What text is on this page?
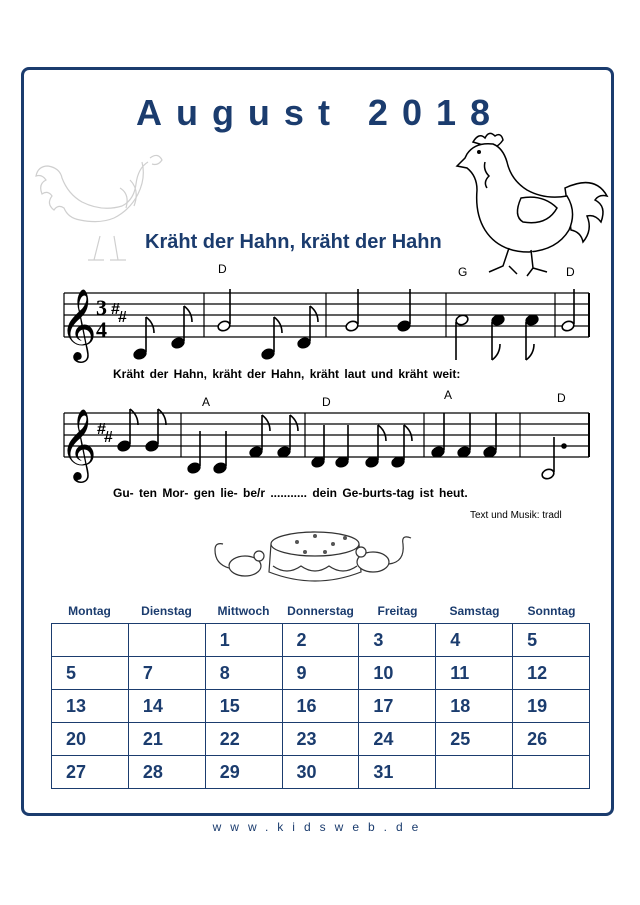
August 2018
Kräht der Hahn, kräht der Hahn
D	G	D
𝄞 #
#
3
4
Kräht der Hahn, kräht der Hahn, kräht laut und kräht weit:
A	D	A	D
𝄞 #
#
Gu- ten Mor- gen lie- be/r ........... dein Ge-burts-tag ist heut.
Text und Musik: tradl
Montag	Dienstag	Mittwoch	Donnerstag	Freitag	Samstag	Sonntag
		1	2	3	4	5
5	7	8	9	10	11	12
13	14	15	16	17	18	19
20	21	22	23	24	25	26
27	28	29	30	31		
www.kidsweb.de
